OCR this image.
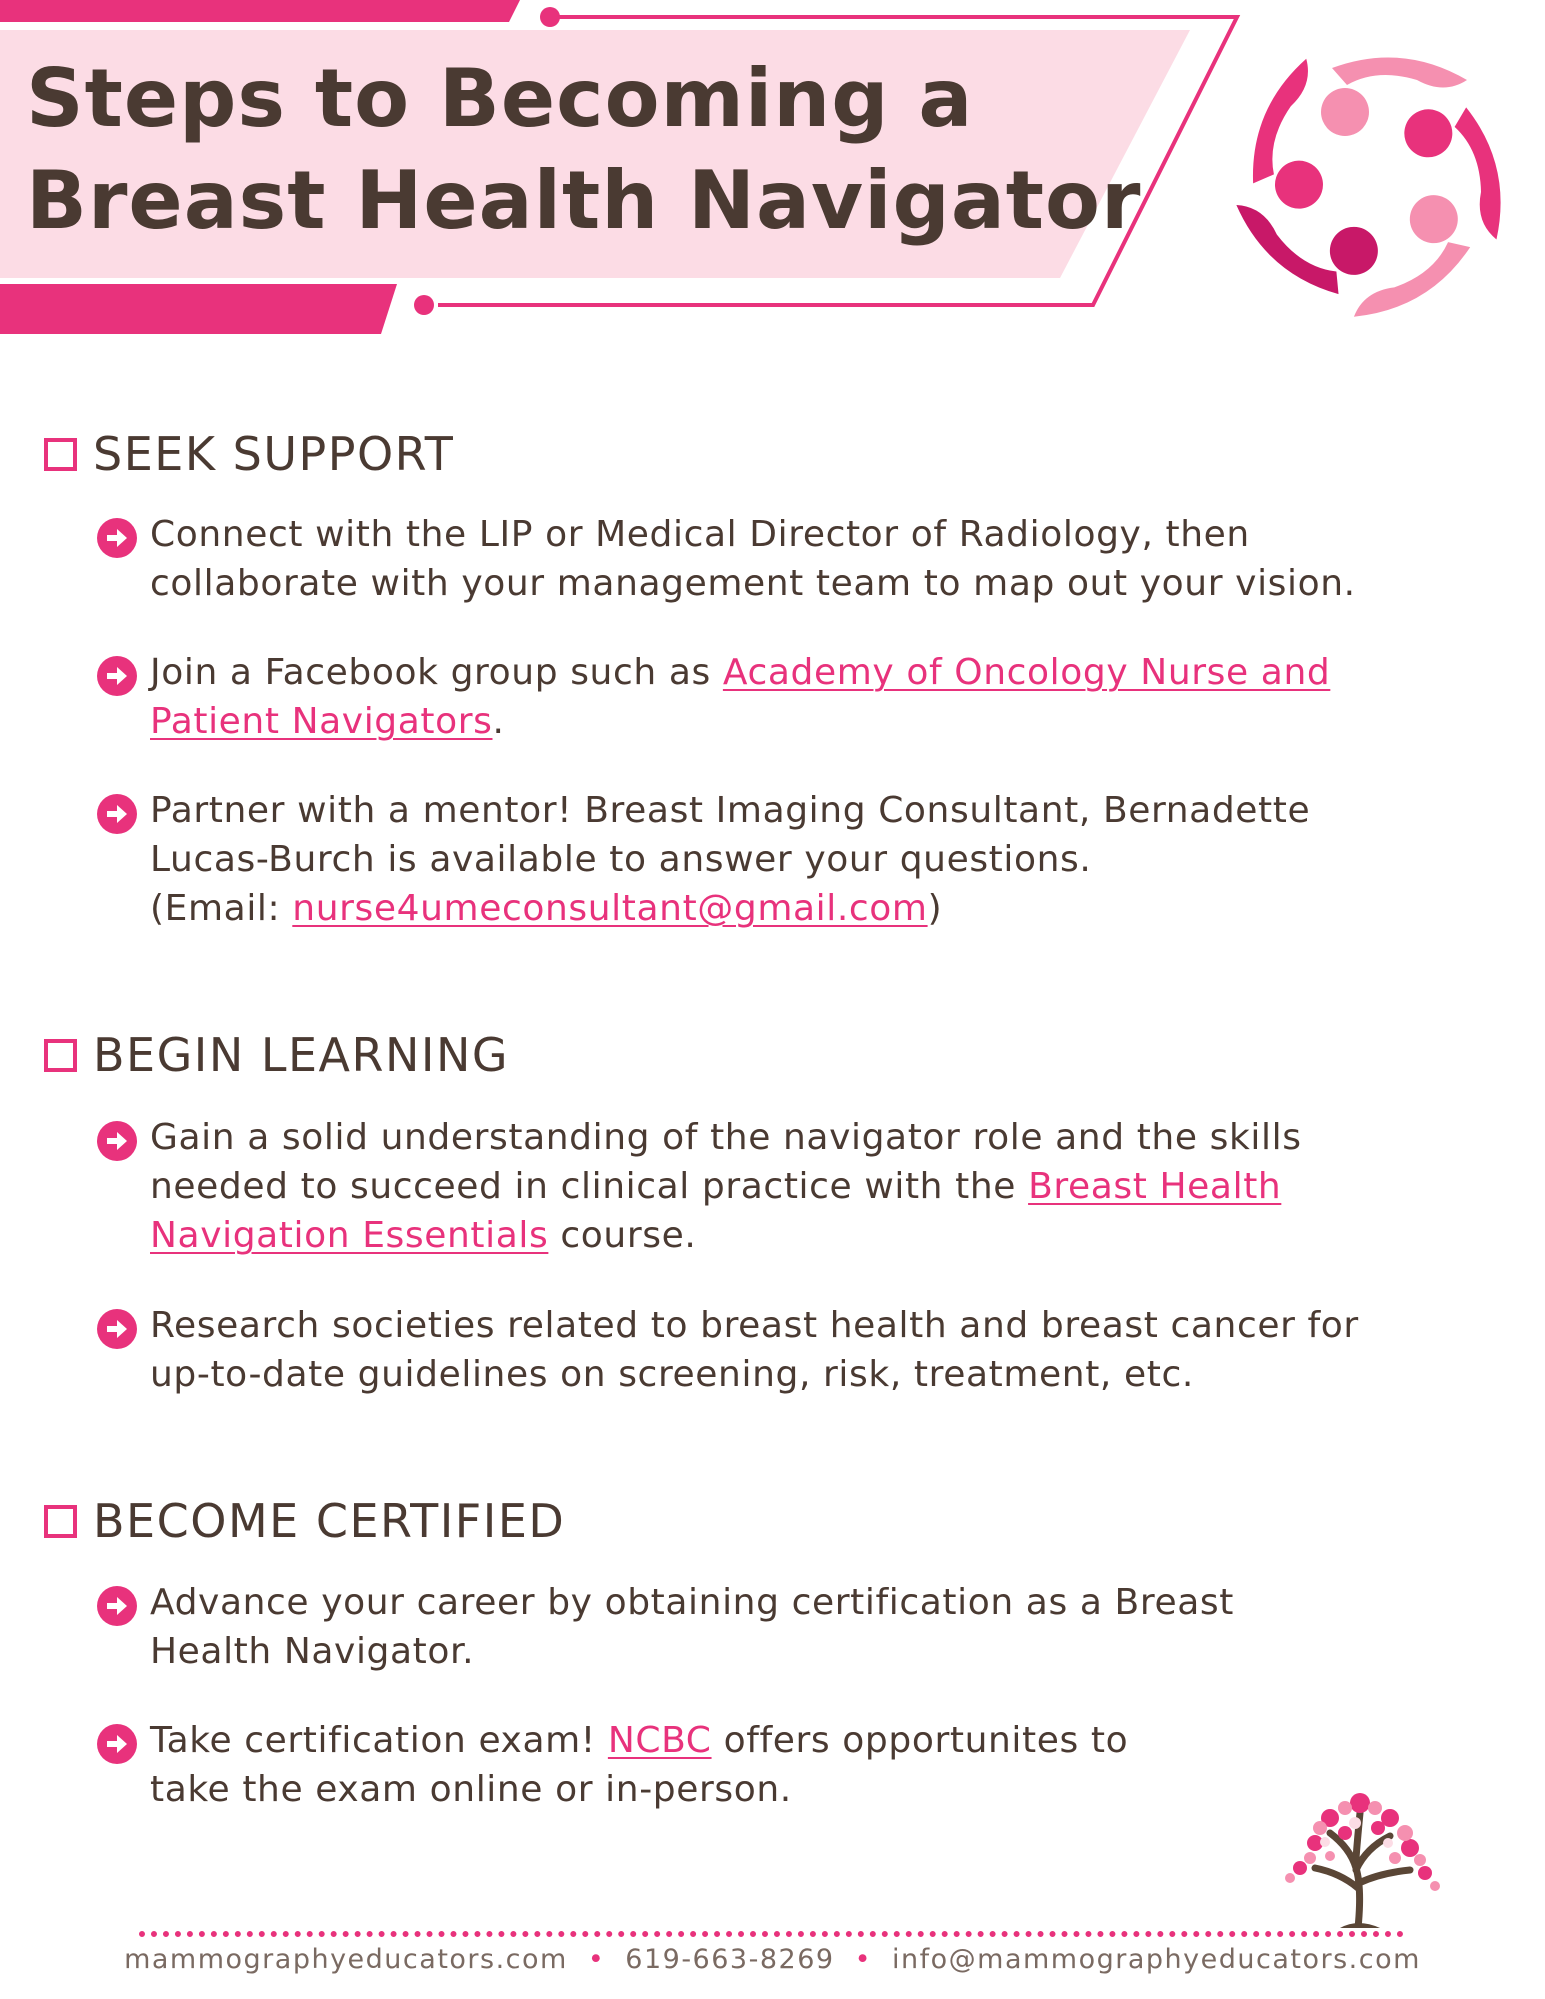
Steps to Becoming a
Breast Health Navigator
SEEK SUPPORT
Connect with the LIP or Medical Director of Radiology, then
collaborate with your management team to map out your vision.
Join a Facebook group such as Academy of Oncology Nurse and
Patient Navigators.
Partner with a mentor! Breast Imaging Consultant, Bernadette
Lucas-Burch is available to answer your questions.
(Email: nurse4umeconsultant@gmail.com)
BEGIN LEARNING
Gain a solid understanding of the navigator role and the skills
needed to succeed in clinical practice with the Breast Health
Navigation Essentials course.
Research societies related to breast health and breast cancer for
up-to-date guidelines on screening, risk, treatment, etc.
BECOME CERTIFIED
Advance your career by obtaining certification as a Breast
Health Navigator.
Take certification exam! NCBC offers opportunites to
take the exam online or in-person.
mammographyeducators.com • 619-663-8269 • info@mammographyeducators.com
